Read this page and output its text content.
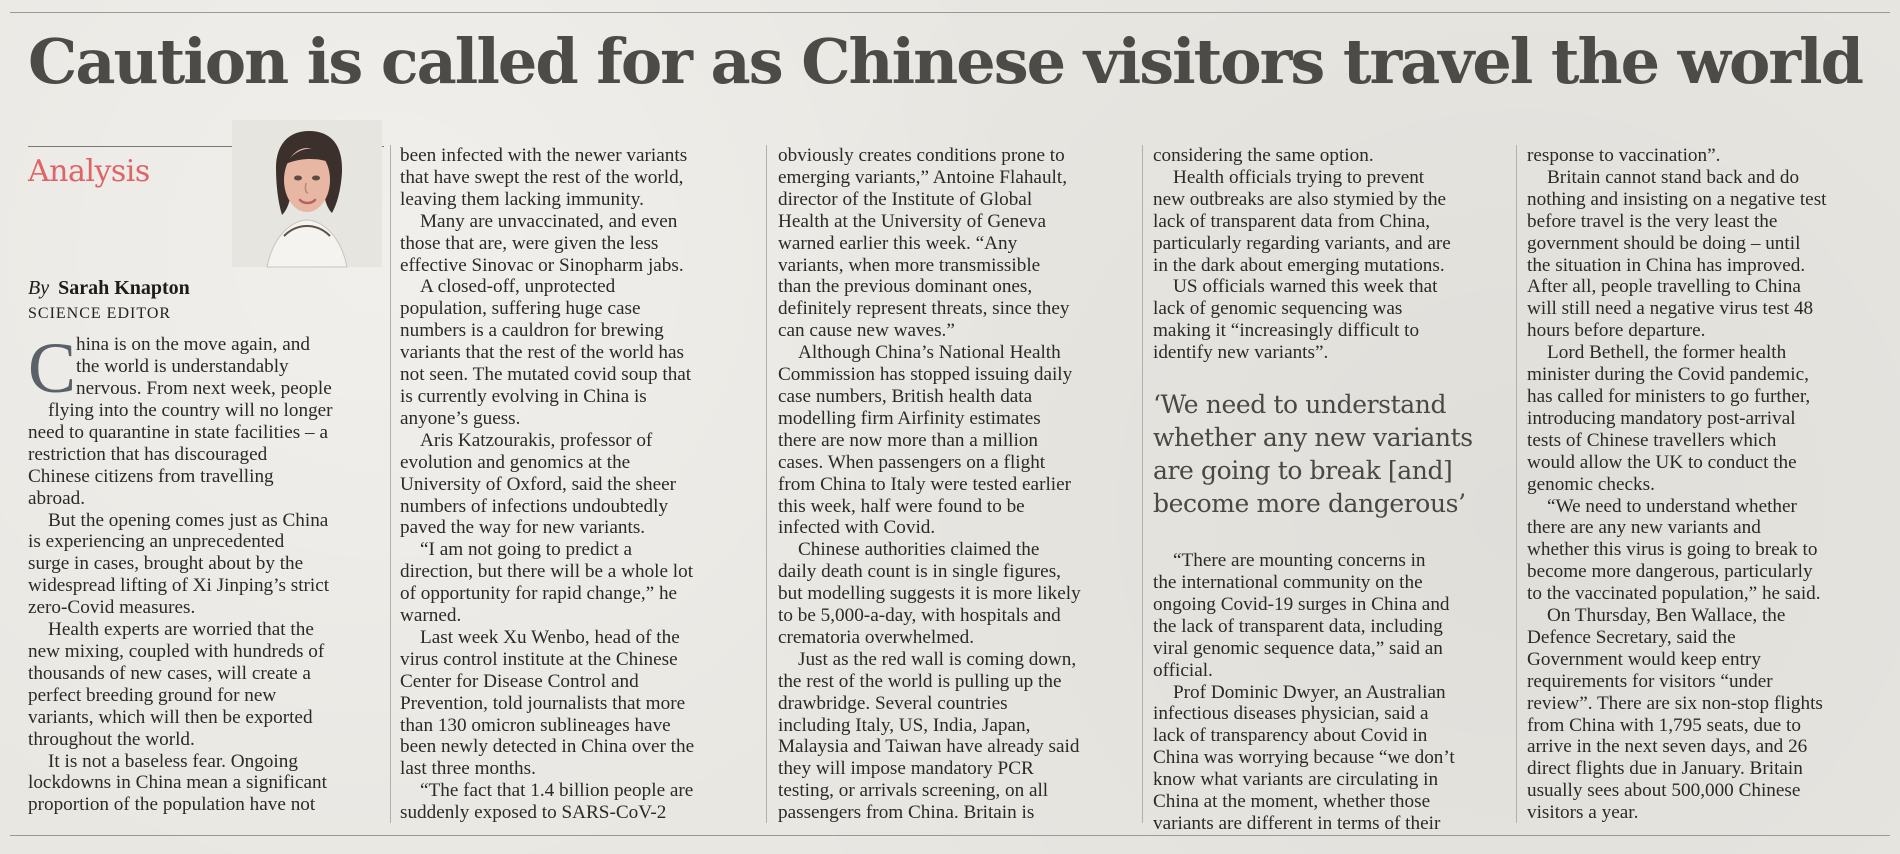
Caution is called for as Chinese visitors travel the world
Analysis
By Sarah Knapton
SCIENCE EDITOR
C hina is on the move again, and
the world is understandably
nervous. From next week, people
flying into the country will no longer
need to quarantine in state facilities – a
restriction that has discouraged
Chinese citizens from travelling
abroad.
But the opening comes just as China
is experiencing an unprecedented
surge in cases, brought about by the
widespread lifting of Xi Jinping’s strict
zero-Covid measures.
Health experts are worried that the
new mixing, coupled with hundreds of
thousands of new cases, will create a
perfect breeding ground for new
variants, which will then be exported
throughout the world.
It is not a baseless fear. Ongoing
lockdowns in China mean a significant
proportion of the population have not
been infected with the newer variants
that have swept the rest of the world,
leaving them lacking immunity.
Many are unvaccinated, and even
those that are, were given the less
effective Sinovac or Sinopharm jabs.
A closed-off, unprotected
population, suffering huge case
numbers is a cauldron for brewing
variants that the rest of the world has
not seen. The mutated covid soup that
is currently evolving in China is
anyone’s guess.
Aris Katzourakis, professor of
evolution and genomics at the
University of Oxford, said the sheer
numbers of infections undoubtedly
paved the way for new variants.
“I am not going to predict a
direction, but there will be a whole lot
of opportunity for rapid change,” he
warned.
Last week Xu Wenbo, head of the
virus control institute at the Chinese
Center for Disease Control and
Prevention, told journalists that more
than 130 omicron sublineages have
been newly detected in China over the
last three months.
“The fact that 1.4 billion people are
suddenly exposed to SARS-CoV-2
obviously creates conditions prone to
emerging variants,” Antoine Flahault,
director of the Institute of Global
Health at the University of Geneva
warned earlier this week. “Any
variants, when more transmissible
than the previous dominant ones,
definitely represent threats, since they
can cause new waves.”
Although China’s National Health
Commission has stopped issuing daily
case numbers, British health data
modelling firm Airfinity estimates
there are now more than a million
cases. When passengers on a flight
from China to Italy were tested earlier
this week, half were found to be
infected with Covid.
Chinese authorities claimed the
daily death count is in single figures,
but modelling suggests it is more likely
to be 5,000-a-day, with hospitals and
crematoria overwhelmed.
Just as the red wall is coming down,
the rest of the world is pulling up the
drawbridge. Several countries
including Italy, US, India, Japan,
Malaysia and Taiwan have already said
they will impose mandatory PCR
testing, or arrivals screening, on all
passengers from China. Britain is
considering the same option.
Health officials trying to prevent
new outbreaks are also stymied by the
lack of transparent data from China,
particularly regarding variants, and are
in the dark about emerging mutations.
US officials warned this week that
lack of genomic sequencing was
making it “increasingly difficult to
identify new variants”.
‘We need to understand
whether any new variants
are going to break [and]
become more dangerous’
“There are mounting concerns in
the international community on the
ongoing Covid-19 surges in China and
the lack of transparent data, including
viral genomic sequence data,” said an
official.
Prof Dominic Dwyer, an Australian
infectious diseases physician, said a
lack of transparency about Covid in
China was worrying because “we don’t
know what variants are circulating in
China at the moment, whether those
variants are different in terms of their
response to vaccination”.
Britain cannot stand back and do
nothing and insisting on a negative test
before travel is the very least the
government should be doing – until
the situation in China has improved.
After all, people travelling to China
will still need a negative virus test 48
hours before departure.
Lord Bethell, the former health
minister during the Covid pandemic,
has called for ministers to go further,
introducing mandatory post-arrival
tests of Chinese travellers which
would allow the UK to conduct the
genomic checks.
“We need to understand whether
there are any new variants and
whether this virus is going to break to
become more dangerous, particularly
to the vaccinated population,” he said.
On Thursday, Ben Wallace, the
Defence Secretary, said the
Government would keep entry
requirements for visitors “under
review”. There are six non-stop flights
from China with 1,795 seats, due to
arrive in the next seven days, and 26
direct flights due in January. Britain
usually sees about 500,000 Chinese
visitors a year.
